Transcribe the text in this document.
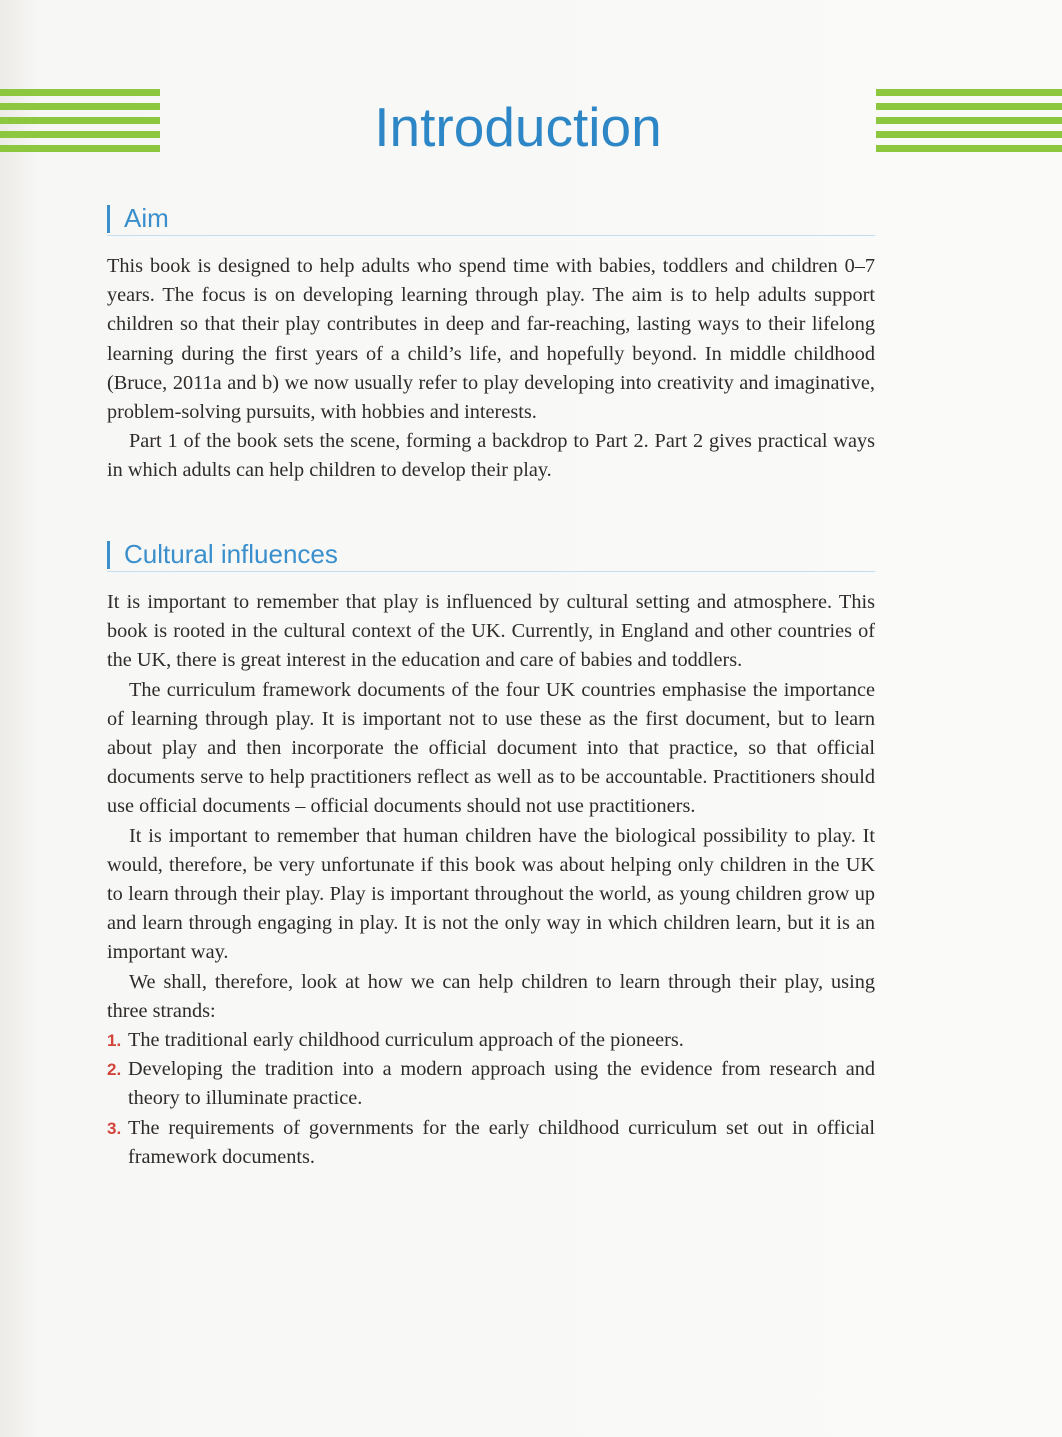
Introduction
Aim

This book is designed to help adults who spend time with babies, toddlers and children 0–7 years. The focus is on developing learning through play. The aim is to help adults support children so that their play contributes in deep and far-reaching, lasting ways to their lifelong learning during the first years of a child’s life, and hopefully beyond. In middle childhood (Bruce, 2011a and b) we now usually refer to play developing into creativity and imaginative, problem-solving pursuits, with hobbies and interests.

Part 1 of the book sets the scene, forming a backdrop to Part 2. Part 2 gives practical ways in which adults can help children to develop their play.

Cultural influences

It is important to remember that play is influenced by cultural setting and atmosphere. This book is rooted in the cultural context of the UK. Currently, in England and other countries of the UK, there is great interest in the education and care of babies and toddlers.

The curriculum framework documents of the four UK countries emphasise the importance of learning through play. It is important not to use these as the first document, but to learn about play and then incorporate the official document into that practice, so that official documents serve to help practitioners reflect as well as to be accountable. Practitioners should use official documents – official documents should not use practitioners.

It is important to remember that human children have the biological possibility to play. It would, therefore, be very unfortunate if this book was about helping only children in the UK to learn through their play. Play is important throughout the world, as young children grow up and learn through engaging in play. It is not the only way in which children learn, but it is an important way.

We shall, therefore, look at how we can help children to learn through their play, using three strands:

1. The traditional early childhood curriculum approach of the pioneers.
2. Developing the tradition into a modern approach using the evidence from research and theory to illuminate practice.
3. The requirements of governments for the early childhood curriculum set out in official framework documents.
